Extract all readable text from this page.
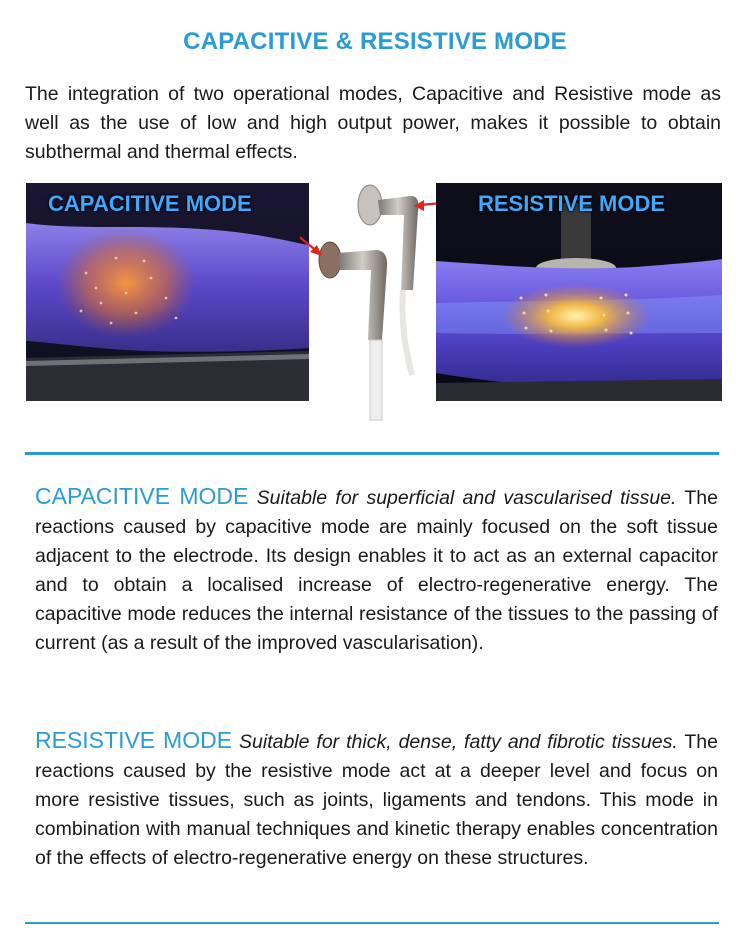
CAPACITIVE & RESISTIVE MODE
The integration of two operational modes, Capacitive and Resistive mode as well as the use of low and high output power, makes it possible to obtain subthermal and thermal effects.
CAPACITIVE MODE	RESISTIVE MODE
CAPACITIVE MODE Suitable for superficial and vascularised tissue. The reactions caused by capacitive mode are mainly focused on the soft tissue adjacent to the electrode. Its design enables it to act as an external capacitor and to obtain a localised increase of electro-regenerative energy. The capacitive mode reduces the internal resistance of the tissues to the passing of current (as a result of the improved vascularisation).
RESISTIVE MODE Suitable for thick, dense, fatty and fibrotic tissues. The reactions caused by the resistive mode act at a deeper level and focus on more resistive tissues, such as joints, ligaments and tendons. This mode in combination with manual techniques and kinetic therapy enables concentration of the effects of electro-regenerative energy on these structures.
